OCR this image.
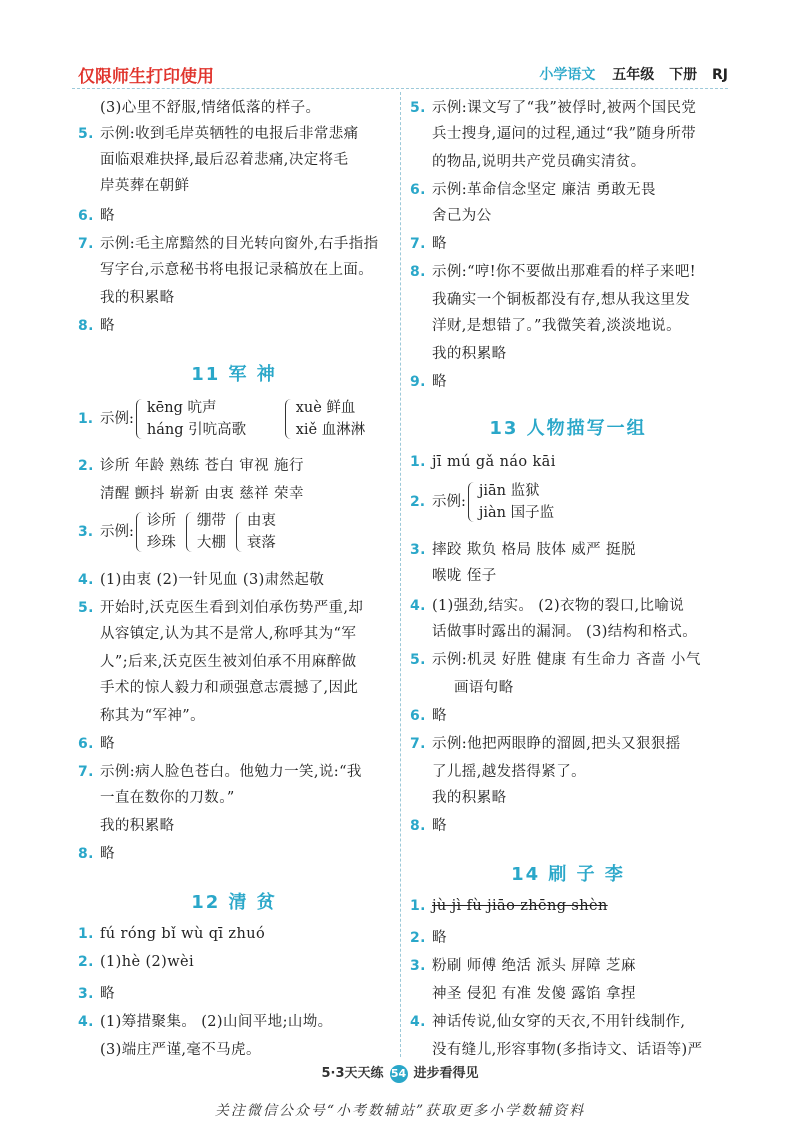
仅限师生打印使用	小学语文 五年级 下册 RJ
(3)心里不舒服,情绪低落的样子。
5. 示例:收到毛岸英牺牲的电报后非常悲痛
面临艰难抉择,最后忍着悲痛,决定将毛
岸英葬在朝鲜
6. 略
7. 示例:毛主席黯然的目光转向窗外,右手指指
写字台,示意秘书将电报记录稿放在上面。
我的积累略
8. 略
11 军 神
1. 示例:kēng 吭声
háng 引吭高歌 xuè 鲜血
xiě 血淋淋
2. 诊所 年龄 熟练 苍白 审视 施行
清醒 颤抖 崭新 由衷 慈祥 荣幸
3. 示例:诊所
珍珠绷带
大棚由衷
衰落
4. (1)由衷 (2)一针见血 (3)肃然起敬
5. 开始时,沃克医生看到刘伯承伤势严重,却
从容镇定,认为其不是常人,称呼其为“军
人”;后来,沃克医生被刘伯承不用麻醉做
手术的惊人毅力和顽强意志震撼了,因此
称其为“军神”。
6. 略
7. 示例:病人脸色苍白。他勉力一笑,说:“我
一直在数你的刀数。”
我的积累略
8. 略
12 清 贫
1. fú róng bǐ wù qī zhuó
2. (1)hè (2)wèi
3. 略
4. (1)筹措聚集。 (2)山间平地;山坳。
(3)端庄严谨,毫不马虎。
5. 示例:课文写了“我”被俘时,被两个国民党
兵士搜身,逼问的过程,通过“我”随身所带
的物品,说明共产党员确实清贫。
6. 示例:革命信念坚定 廉洁 勇敢无畏
舍己为公
7. 略
8. 示例:“哼!你不要做出那难看的样子来吧!
我确实一个铜板都没有存,想从我这里发
洋财,是想错了。”我微笑着,淡淡地说。
我的积累略
9. 略
13 人物描写一组
1. jī mú gǎ náo kāi
2. 示例:jiān 监狱
jiàn 国子监
3. 摔跤 欺负 格局 肢体 威严 挺脱
喉咙 侄子
4. (1)强劲,结实。 (2)衣物的裂口,比喻说
话做事时露出的漏洞。 (3)结构和格式。
5. 示例:机灵 好胜 健康 有生命力 吝啬 小气
画语句略
6. 略
7. 示例:他把两眼睁的溜圆,把头又狠狠摇
了儿摇,越发搭得紧了。
我的积累略
8. 略
14 刷 子 李
1. jù jì fù jiāo zhēng shèn
2. 略
3. 粉刷 师傅 绝活 派头 屏障 芝麻
神圣 侵犯 有准 发傻 露馅 拿捏
4. 神话传说,仙女穿的天衣,不用针线制作,
没有缝儿,形容事物(多指诗文、话语等)严
5·3天天练 54 进步看得见
关注微信公众号“小考数辅站”获取更多小学数辅资料
